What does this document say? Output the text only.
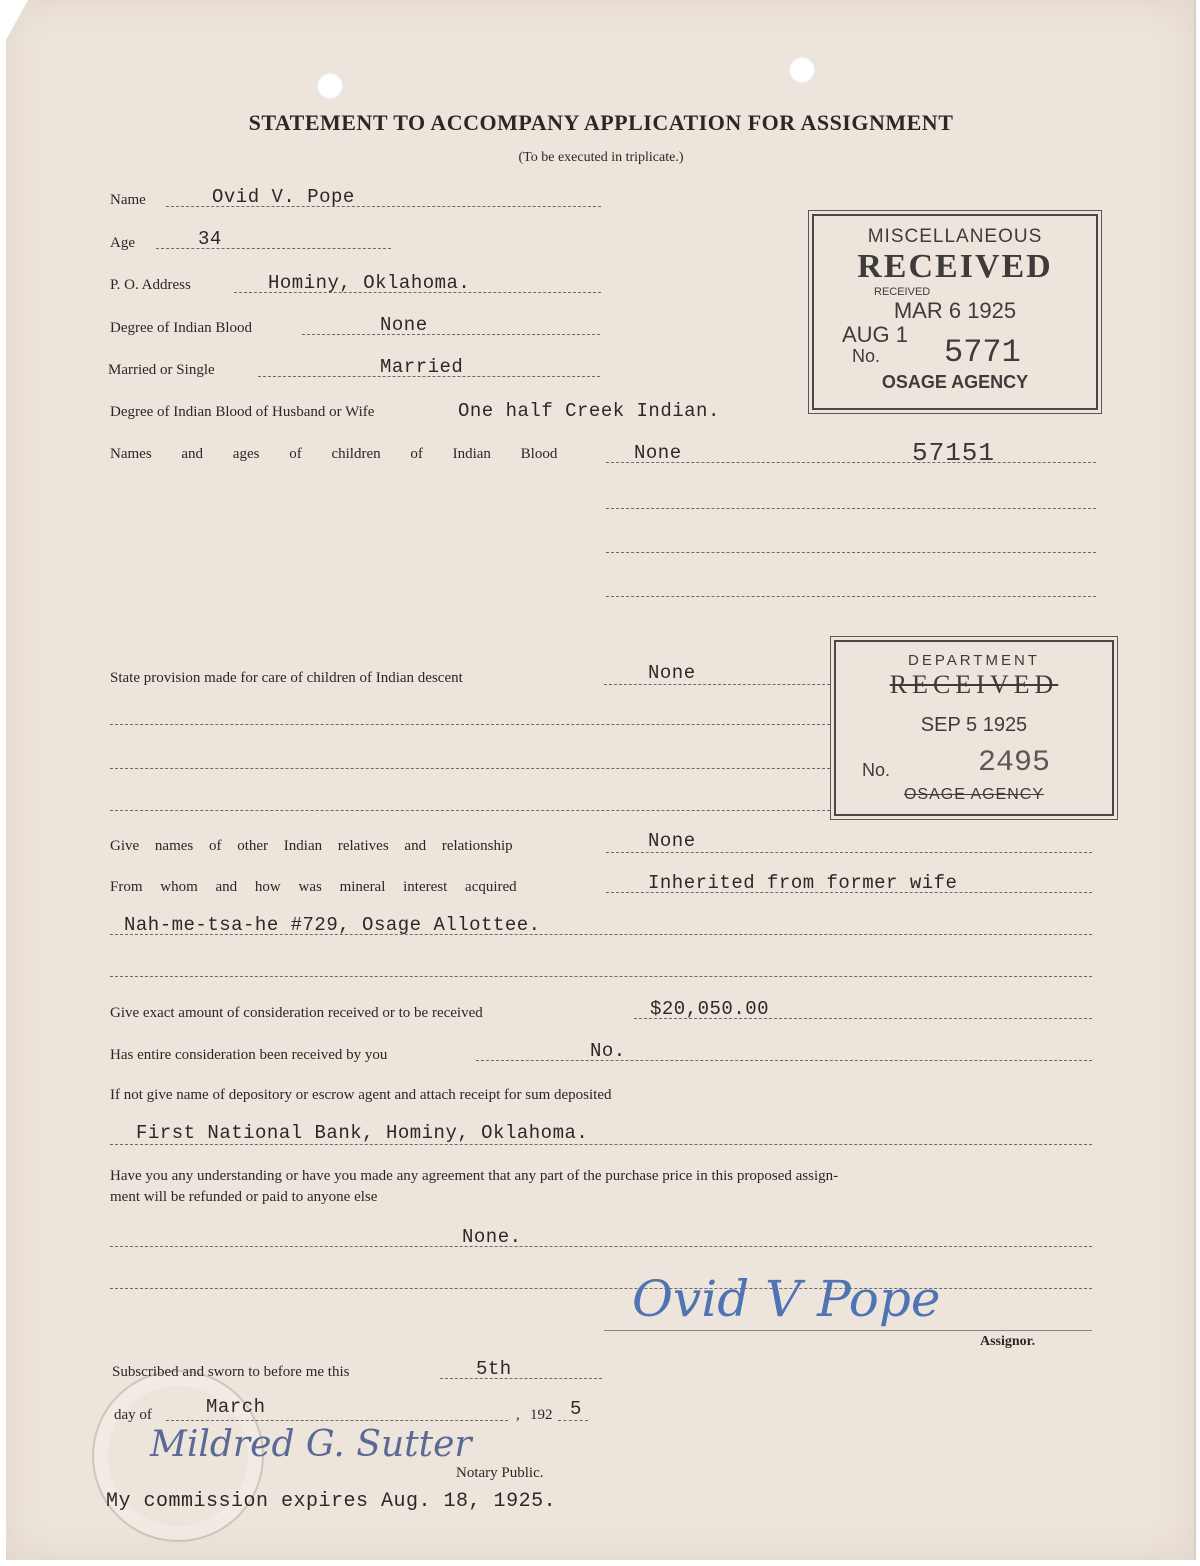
STATEMENT TO ACCOMPANY APPLICATION FOR ASSIGNMENT
(To be executed in triplicate.)
Name	Ovid V. Pope
Age	34
P. O. Address	Hominy, Oklahoma.
Degree of Indian Blood	None
Married or Single	Married
Degree of Indian Blood of Husband or Wife	One half Creek Indian.
Names and ages of children of Indian Blood	None	57151
State provision made for care of children of Indian descent	None
Give names of other Indian relatives and relationship	None
From whom and how was mineral interest acquired	Inherited from former wife
Nah-me-tsa-he #729, Osage Allottee.
Give exact amount of consideration received or to be received	$20,050.00
Has entire consideration been received by you	No.
If not give name of depository or escrow agent and attach receipt for sum deposited
First National Bank, Hominy, Oklahoma.
Have you any understanding or have you made any agreement that any part of the purchase price in this proposed assign-
ment will be refunded or paid to anyone else
None.
Ovid V Pope
Assignor.
Subscribed and sworn to before me this	5th
day of	March	, 192 5
Mildred G. Sutter
Notary Public.
My commission expires Aug. 18, 1925.
MISCELLANEOUS
RECEIVED
RECEIVED
MAR 6 1925
AUG 1
No. 5771
OSAGE AGENCY
DEPARTMENT
RECEIVED
SEP 5 1925
No.	2495
OSAGE AGENCY
